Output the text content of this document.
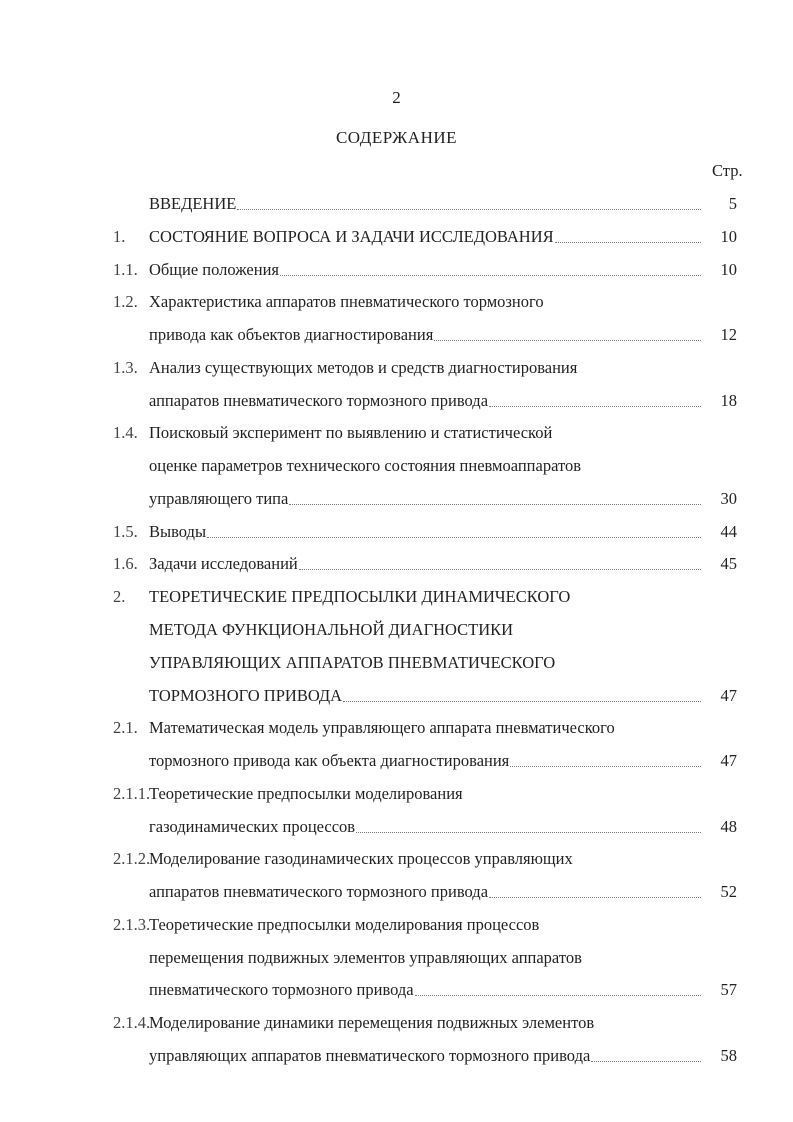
2
СОДЕРЖАНИЕ
Стр.
ВВЕДЕНИЕ	5
1. СОСТОЯНИЕ ВОПРОСА И ЗАДАЧИ ИССЛЕДОВАНИЯ	10
1.1. Общие положения	10
1.2. Характеристика аппаратов пневматического тормозного
привода как объектов диагностирования	12
1.3. Анализ существующих методов и средств диагностирования
аппаратов пневматического тормозного привода	18
1.4. Поисковый эксперимент по выявлению и статистической
оценке параметров технического состояния пневмоаппаратов
управляющего типа	30
1.5. Выводы	44
1.6. Задачи исследований	45
2. ТЕОРЕТИЧЕСКИЕ ПРЕДПОСЫЛКИ ДИНАМИЧЕСКОГО
МЕТОДА ФУНКЦИОНАЛЬНОЙ ДИАГНОСТИКИ
УПРАВЛЯЮЩИХ АППАРАТОВ ПНЕВМАТИЧЕСКОГО
ТОРМОЗНОГО ПРИВОДА	47
2.1. Математическая модель управляющего аппарата пневматического
тормозного привода как объекта диагностирования	47
2.1.1.
Теоретические предпосылки моделирования
газодинамических процессов	48
2.1.2.
Моделирование газодинамических процессов управляющих
аппаратов пневматического тормозного привода	52
2.1.3.
Теоретические предпосылки моделирования процессов
перемещения подвижных элементов управляющих аппаратов
пневматического тормозного привода	57
2.1.4.
Моделирование динамики перемещения подвижных элементов
управляющих аппаратов пневматического тормозного привода	58
